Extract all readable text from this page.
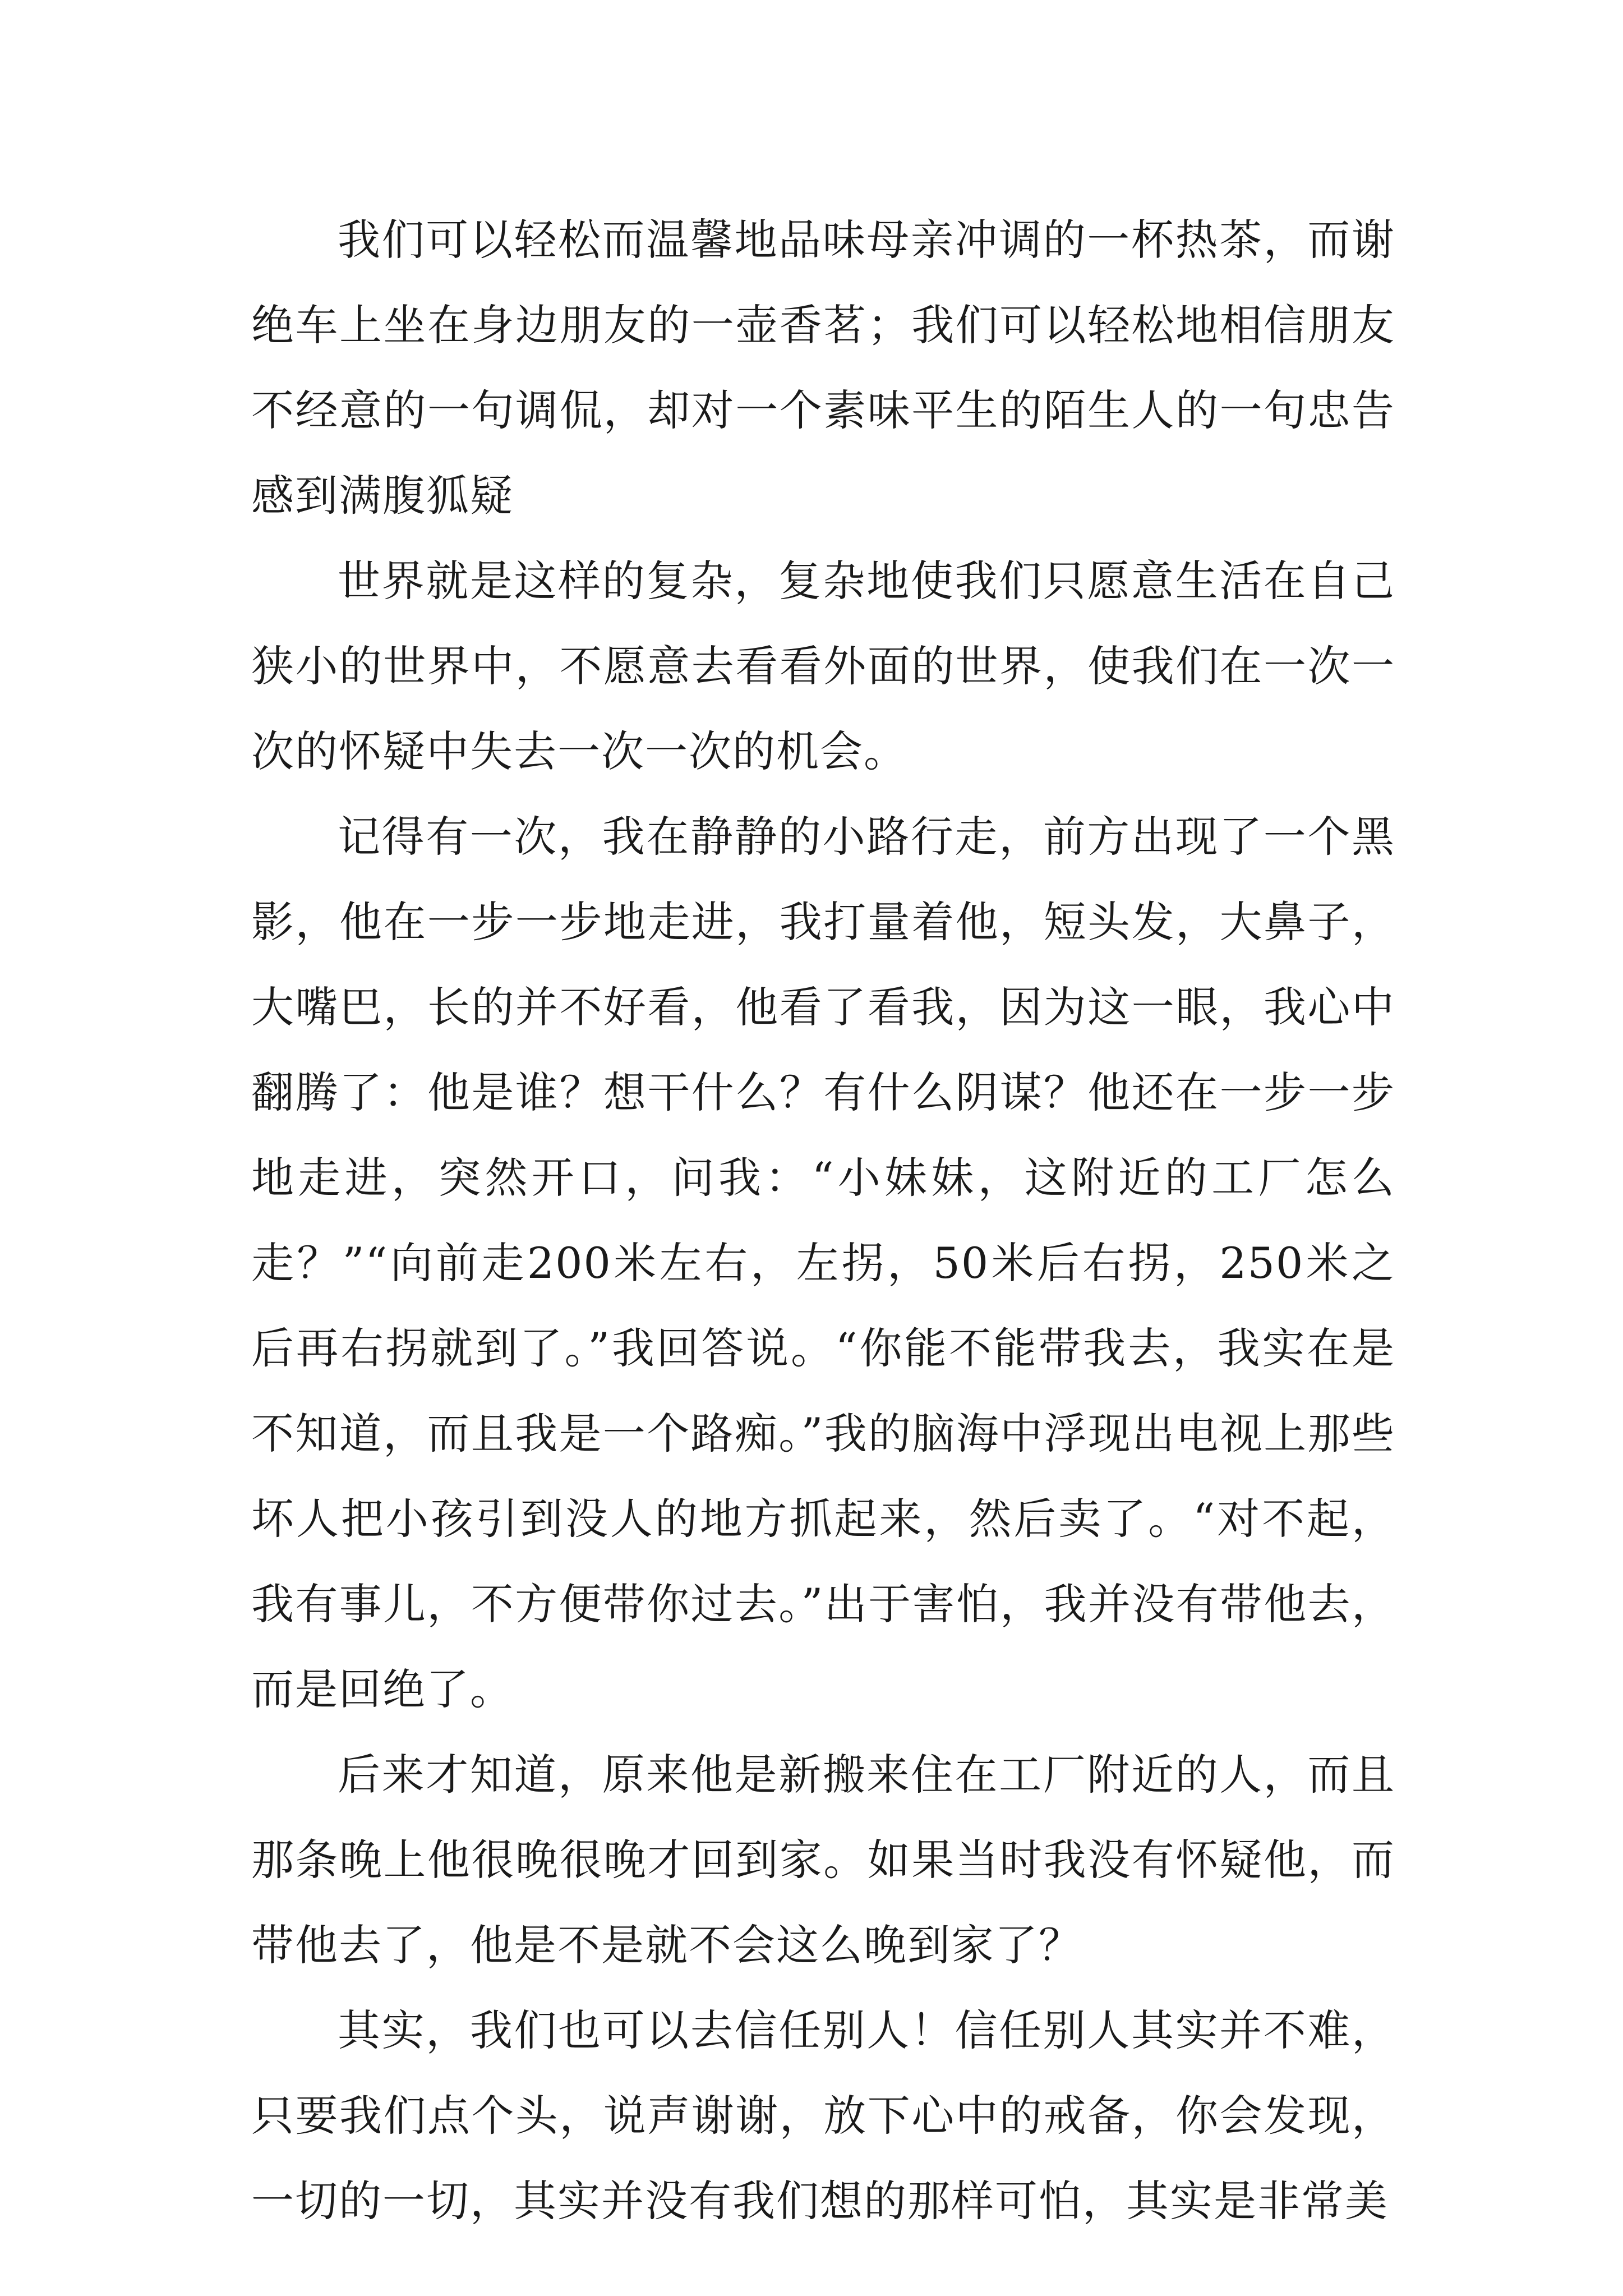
我们可以轻松而温馨地品味母亲冲调的一杯热茶，而谢绝车上坐在身边朋友的一壶香茗；我们可以轻松地相信朋友不经意的一句调侃，却对一个素味平生的陌生人的一句忠告感到满腹狐疑

世界就是这样的复杂，复杂地使我们只愿意生活在自己狭小的世界中，不愿意去看看外面的世界，使我们在一次一次的怀疑中失去一次一次的机会。

记得有一次，我在静静的小路行走，前方出现了一个黑影，他在一步一步地走进，我打量着他，短头发，大鼻子，大嘴巴，长的并不好看，他看了看我，因为这一眼，我心中翻腾了：他是谁？想干什么？有什么阴谋？他还在一步一步地走进，突然开口，问我：“小妹妹，这附近的工厂怎么走？”“向前走200米左右，左拐，50米后右拐，250米之后再右拐就到了。”我回答说。“你能不能带我去，我实在是不知道，而且我是一个路痴。”我的脑海中浮现出电视上那些坏人把小孩引到没人的地方抓起来，然后卖了。“对不起，我有事儿，不方便带你过去。”出于害怕，我并没有带他去，而是回绝了。

后来才知道，原来他是新搬来住在工厂附近的人，而且那条晚上他很晚很晚才回到家。如果当时我没有怀疑他，而带他去了，他是不是就不会这么晚到家了？

其实，我们也可以去信任别人！信任别人其实并不难，只要我们点个头，说声谢谢，放下心中的戒备，你会发现，一切的一切，其实并没有我们想的那样可怕，其实是非常美
